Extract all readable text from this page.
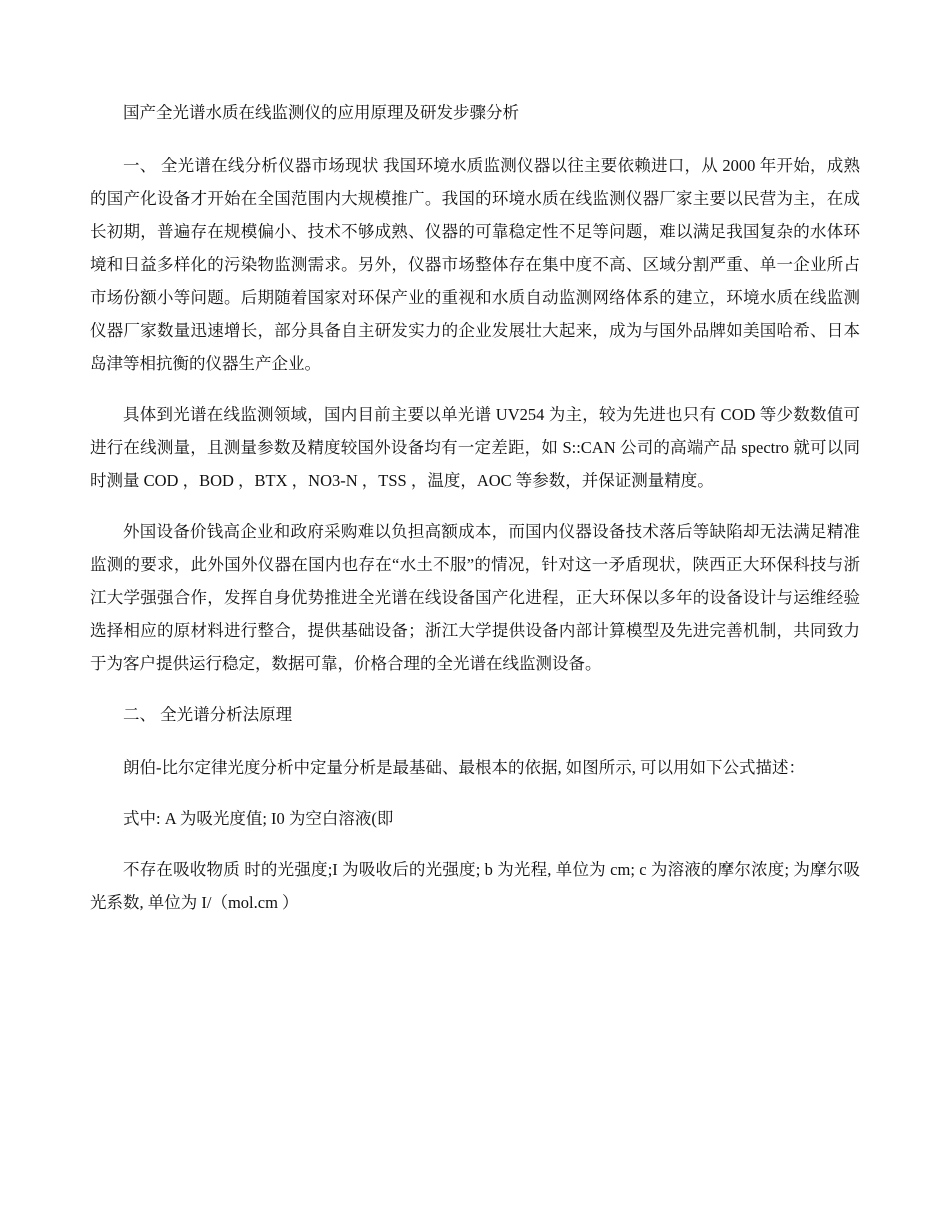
国产全光谱水质在线监测仪的应用原理及研发步骤分析

一、 全光谱在线分析仪器市场现状 我国环境水质监测仪器以往主要依赖进口，从 2000 年开始，成熟的国产化设备才开始在全国范围内大规模推广。我国的环境水质在线监测仪器厂家主要以民营为主，在成长初期，普遍存在规模偏小、技术不够成熟、仪器的可靠稳定性不足等问题，难以满足我国复杂的水体环境和日益多样化的污染物监测需求。另外，仪器市场整体存在集中度不高、区域分割严重、单一企业所占市场份额小等问题。后期随着国家对环保产业的重视和水质自动监测网络体系的建立，环境水质在线监测仪器厂家数量迅速增长，部分具备自主研发实力的企业发展壮大起来，成为与国外品牌如美国哈希、日本岛津等相抗衡的仪器生产企业。

具体到光谱在线监测领域，国内目前主要以单光谱 UV254 为主，较为先进也只有 COD 等少数数值可进行在线测量，且测量参数及精度较国外设备均有一定差距，如 S::CAN 公司的高端产品 spectro 就可以同时测量 COD ，BOD ，BTX ，NO3-N ，TSS ，温度，AOC 等参数，并保证测量精度。

外国设备价钱高企业和政府采购难以负担高额成本，而国内仪器设备技术落后等缺陷却无法满足精准监测的要求，此外国外仪器在国内也存在“水土不服”的情况，针对这一矛盾现状，陕西正大环保科技与浙江大学强强合作，发挥自身优势推进全光谱在线设备国产化进程，正大环保以多年的设备设计与运维经验选择相应的原材料进行整合，提供基础设备；浙江大学提供设备内部计算模型及先进完善机制，共同致力于为客户提供运行稳定，数据可靠，价格合理的全光谱在线监测设备。

二、 全光谱分析法原理

朗伯-比尔定律光度分析中定量分析是最基础、最根本的依据, 如图所示, 可以用如下公式描述：

式中: A 为吸光度值; I0 为空白溶液(即

不存在吸收物质 时的光强度;I 为吸收后的光强度; b 为光程, 单位为 cm; c 为溶液的摩尔浓度; 为摩尔吸光系数, 单位为 I/（mol.cm ）
